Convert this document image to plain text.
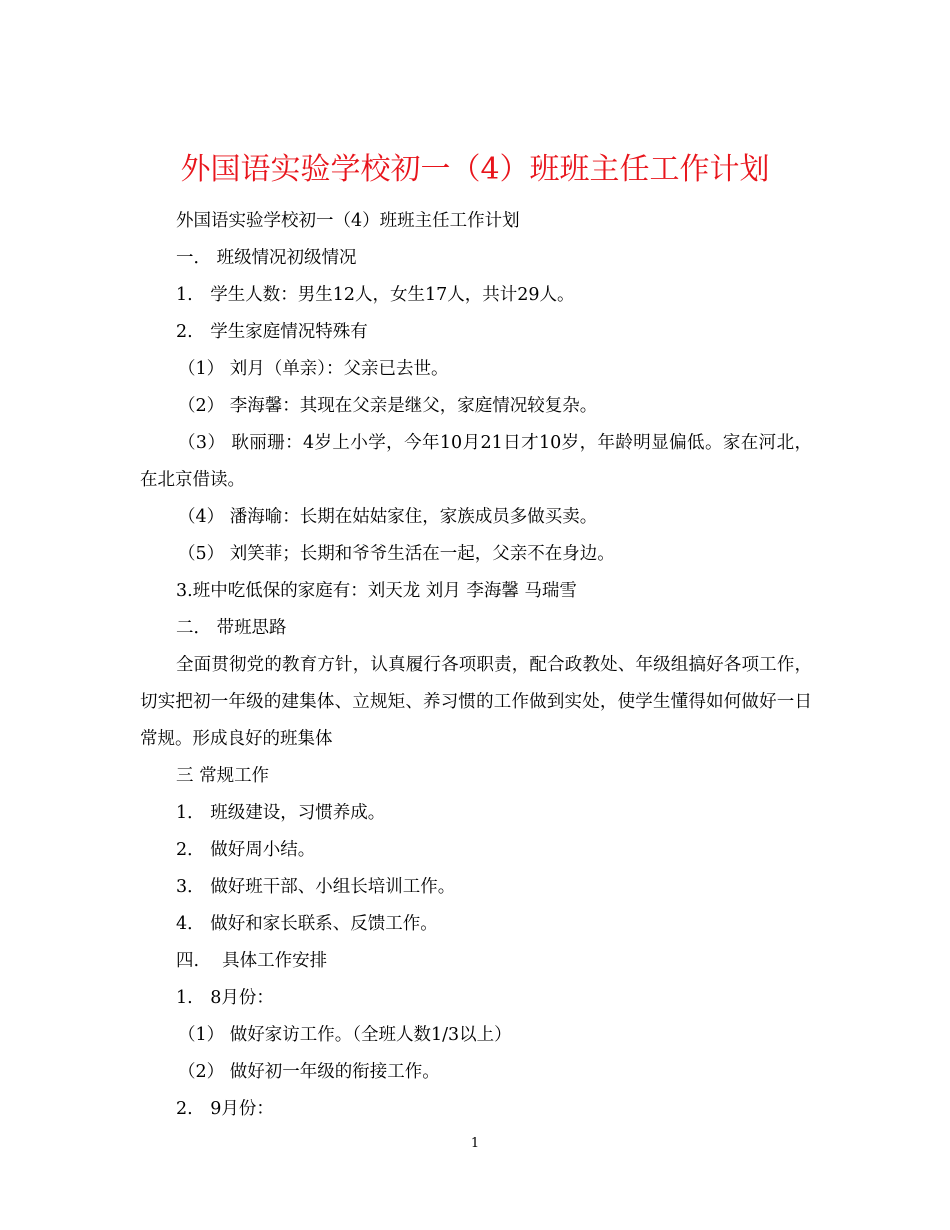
外国语实验学校初一（4）班班主任工作计划

外国语实验学校初一（4）班班主任工作计划

一． 班级情况初级情况

1.　学生人数：男生12人，女生17人，共计29人。

2.　学生家庭情况特殊有

（1） 刘月（单亲）：父亲已去世。

（2） 李海馨：其现在父亲是继父，家庭情况较复杂。

（3） 耿丽珊：4岁上小学，今年10月21日才10岁，年龄明显偏低。家在河北，在北京借读。

（4） 潘海喻：长期在姑姑家住，家族成员多做买卖。

（5） 刘笑菲；长期和爷爷生活在一起，父亲不在身边。

3.班中吃低保的家庭有：刘天龙 刘月 李海馨 马瑞雪

二． 带班思路

全面贯彻党的教育方针，认真履行各项职责，配合政教处、年级组搞好各项工作，切实把初一年级的建集体、立规矩、养习惯的工作做到实处，使学生懂得如何做好一日常规。形成良好的班集体

三 常规工作

1． 班级建设，习惯养成。

2． 做好周小结。

3． 做好班干部、小组长培训工作。

4． 做好和家长联系、反馈工作。

四.　 具体工作安排

1.　8月份：

（1） 做好家访工作。（全班人数1/3以上）

（2） 做好初一年级的衔接工作。

2.　9月份：

1
